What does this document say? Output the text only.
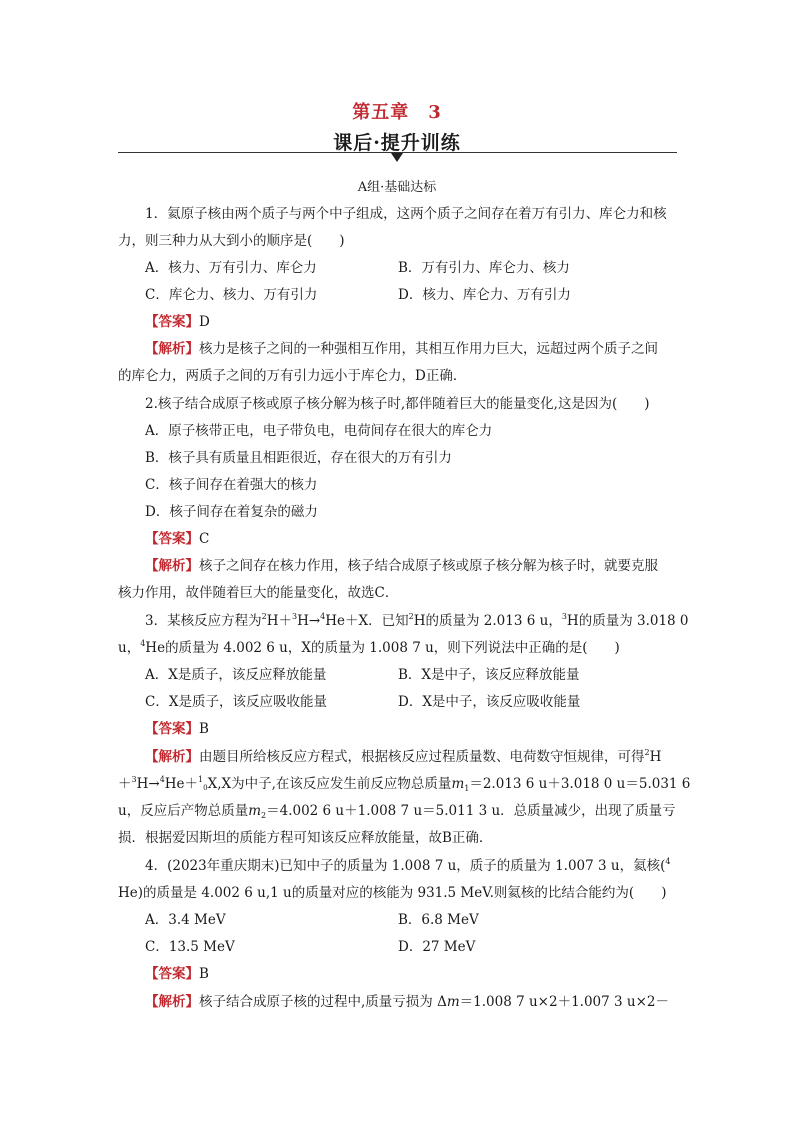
第五章　3
课后·提升训练
A组·基础达标
1．氦原子核由两个质子与两个中子组成，这两个质子之间存在着万有引力、库仑力和核
力，则三种力从大到小的顺序是(　　)
A．核力、万有引力、库仑力	B．万有引力、库仑力、核力
C．库仑力、核力、万有引力	D．核力、库仑力、万有引力
【答案】D
【解析】核力是核子之间的一种强相互作用，其相互作用力巨大，远超过两个质子之间
的库仑力，两质子之间的万有引力远小于库仑力，D正确．
2.核子结合成原子核或原子核分解为核子时,都伴随着巨大的能量变化,这是因为(　　)
A．原子核带正电，电子带负电，电荷间存在很大的库仑力
B．核子具有质量且相距很近，存在很大的万有引力
C．核子间存在着强大的核力
D．核子间存在着复杂的磁力
【答案】C
【解析】核子之间存在核力作用，核子结合成原子核或原子核分解为核子时，就要克服
核力作用，故伴随着巨大的能量变化，故选C．
3．某核反应方程为$^2$H＋$^3$H→$^4$He＋X．已知$^2$H的质量为 2.013 6 u，$^3$H的质量为 3.018 0
u，$^4$He的质量为 4.002 6 u，X的质量为 1.008 7 u，则下列说法中正确的是(　　)
A．X是质子，该反应释放能量	B．X是中子，该反应释放能量
C．X是质子，该反应吸收能量	D．X是中子，该反应吸收能量
【答案】B
【解析】由题目所给核反应方程式，根据核反应过程质量数、电荷数守恒规律，可得$^2$H
＋$^3$H→$^4$He＋$^1$0X,X为中子,在该反应发生前反应物总质量$m_1=2.013$ 6 u＋3.018 0 u＝5.031 6
u，反应后产物总质量$m_2=4.002$ 6 u＋1.008 7 u＝5.011 3 u．总质量减少，出现了质量亏
损．根据爱因斯坦的质能方程可知该反应释放能量，故B正确．
4．(2023年重庆期末)已知中子的质量为 1.008 7 u，质子的质量为 1.007 3 u，氦核($^4$
He)的质量是 4.002 6 u,1 u的质量对应的核能为 931.5 MeV.则氦核的比结合能约为(　　)
A．3.4 MeV	B．6.8 MeV
C．13.5 MeV	D．27 MeV
【答案】B
【解析】核子结合成原子核的过程中,质量亏损为 Δm＝1.008 7 u×2＋1.007 3 u×2－
